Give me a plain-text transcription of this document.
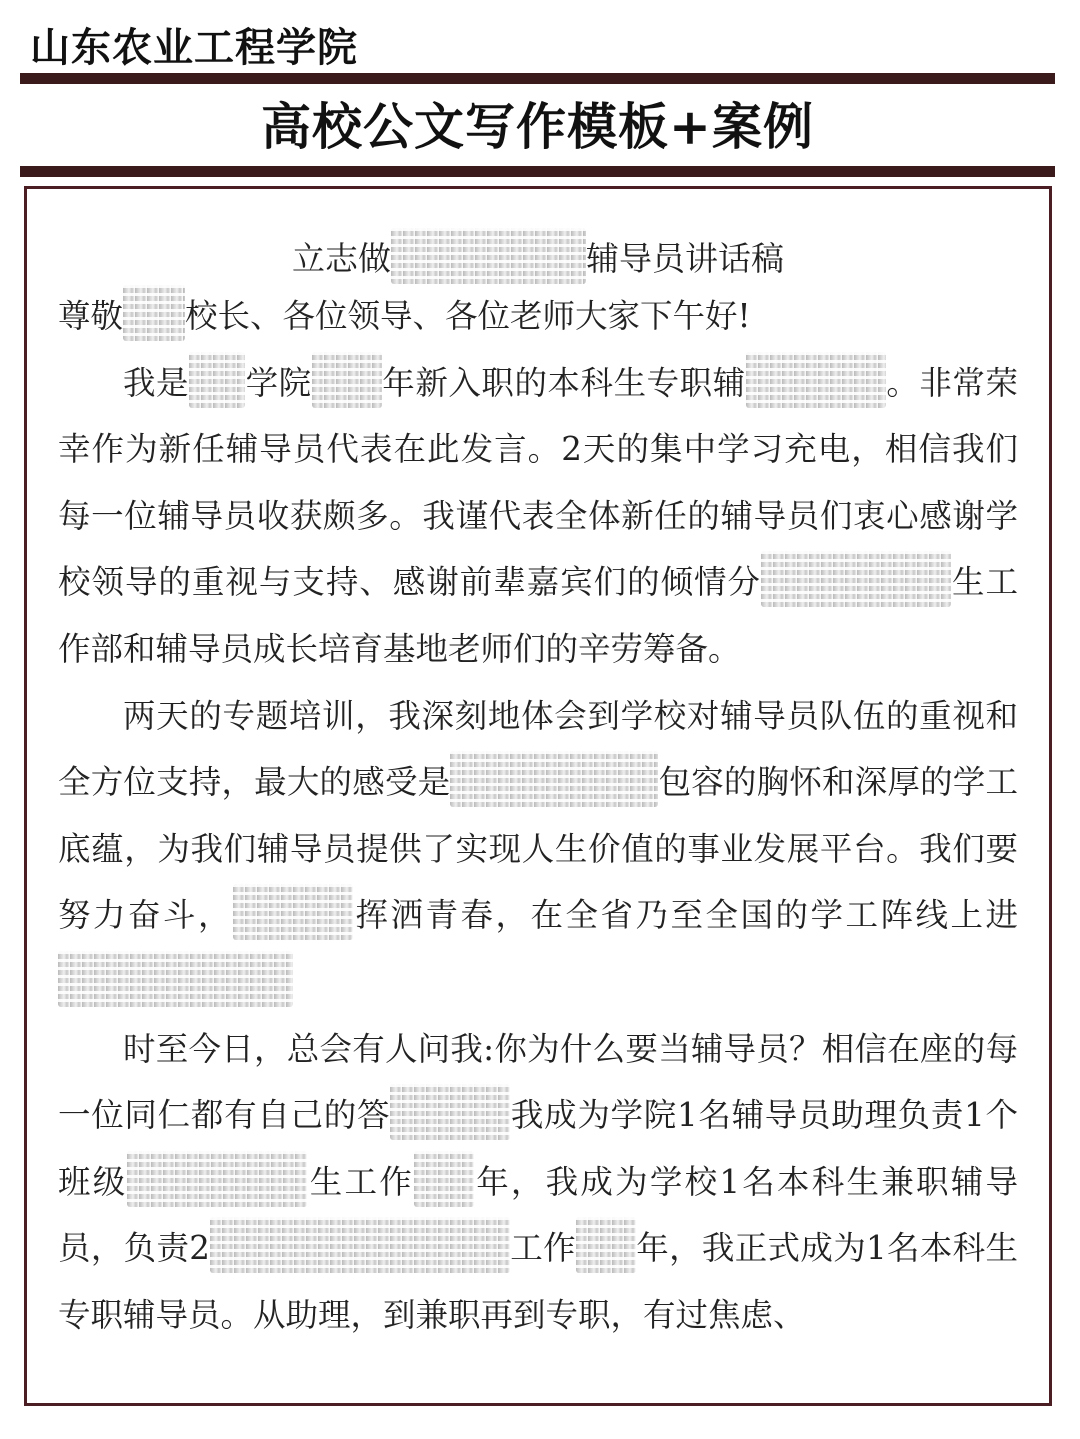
山东农业工程学院
高校公文写作模板+案例
立志做	辅导员讲话稿

尊敬 校长、各位领导、各位老师大家下午好!

我是 学院 年新入职的本科生专职辅	。非常荣幸作为新任辅导员代表在此发言。2天的集中学习充电，相信我们每一位辅导员收获颇多。我谨代表全体新任的辅导员们衷心感谢学校领导的重视与支持、感谢前辈嘉宾们的倾情分	生工作部和辅导员成长培育基地老师们的辛劳筹备。

两天的专题培训，我深刻地体会到学校对辅导员队伍的重视和全方位支持，最大的感受是	包容的胸怀和深厚的学工底蕴，为我们辅导员提供了实现人生价值的事业发展平台。我们要努力奋斗，	挥洒青春，在全省乃至全国的学工阵线上进

时至今日，总会有人问我:你为什么要当辅导员？相信在座的每一位同仁都有自己的答	我成为学院1名辅导员助理负责1个班级	生工作 年，我成为学校1名本科生兼职辅导员，负责2	工作 年，我正式成为1名本科生专职辅导员。从助理，到兼职再到专职，有过焦虑、
